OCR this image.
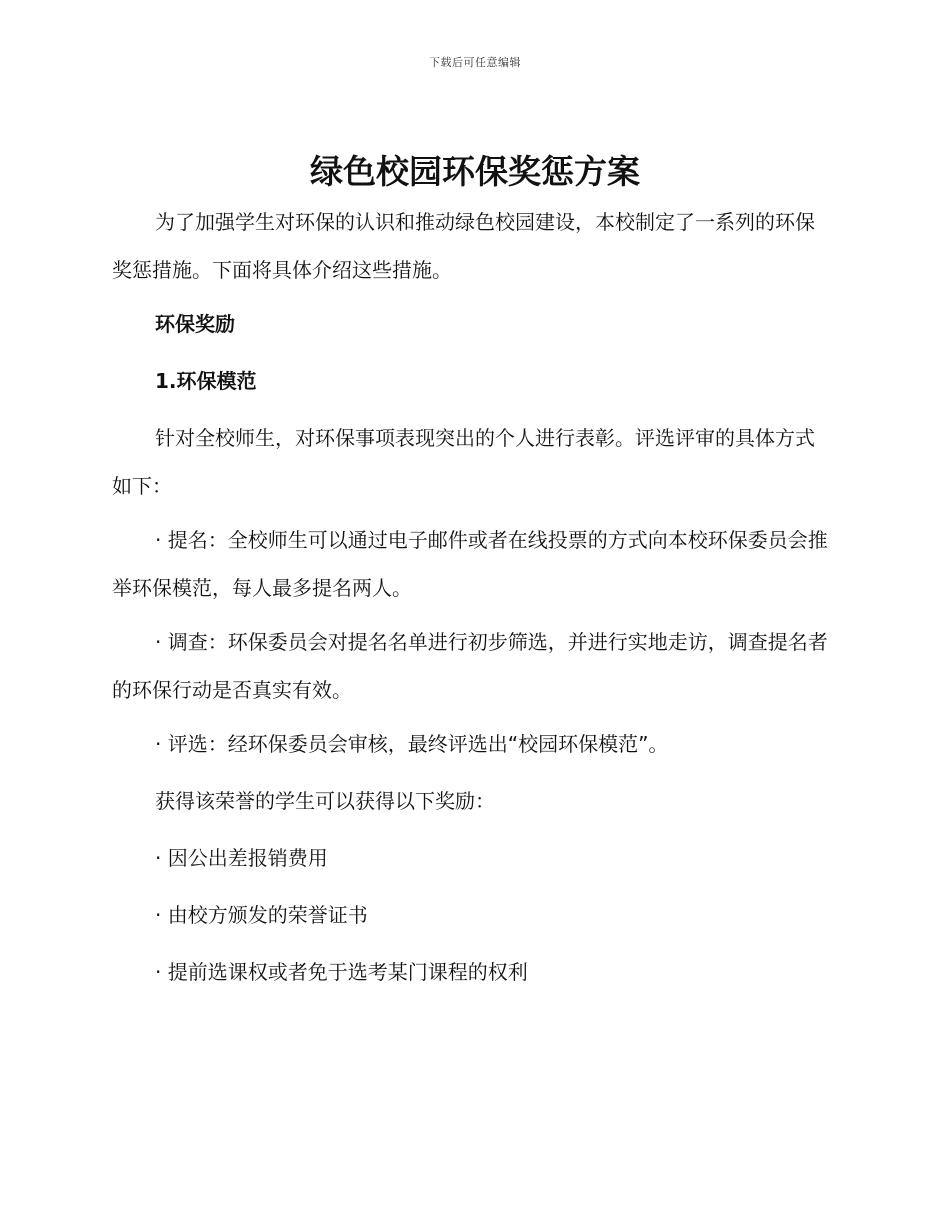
下载后可任意编辑
绿色校园环保奖惩方案

为了加强学生对环保的认识和推动绿色校园建设，本校制定了一系列的环保奖惩措施。下面将具体介绍这些措施。

环保奖励

1.环保模范

针对全校师生，对环保事项表现突出的个人进行表彰。评选评审的具体方式如下：

· 提名：全校师生可以通过电子邮件或者在线投票的方式向本校环保委员会推举环保模范，每人最多提名两人。

· 调查：环保委员会对提名名单进行初步筛选，并进行实地走访，调查提名者的环保行动是否真实有效。

· 评选：经环保委员会审核，最终评选出“校园环保模范”。

获得该荣誉的学生可以获得以下奖励：

· 因公出差报销费用

· 由校方颁发的荣誉证书

· 提前选课权或者免于选考某门课程的权利
